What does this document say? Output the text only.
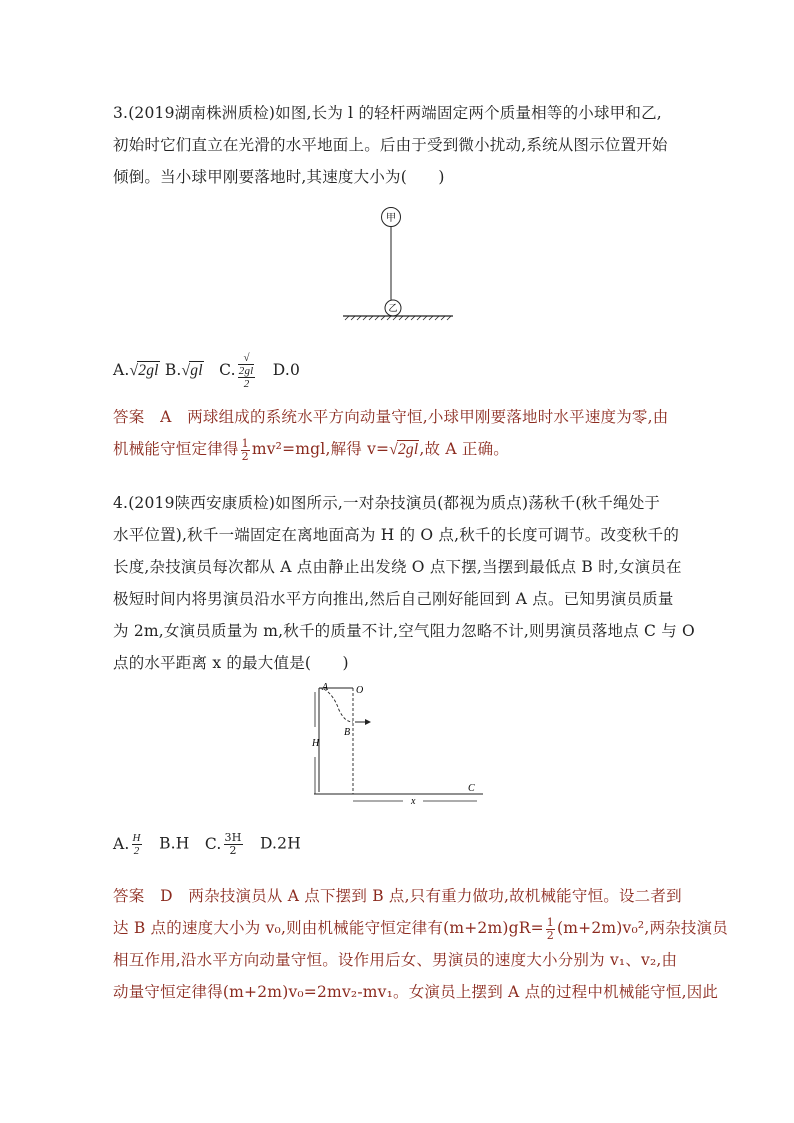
3.(2019湖南株洲质检)如图,长为 l 的轻杆两端固定两个质量相等的小球甲和乙,
初始时它们直立在光滑的水平地面上。后由于受到微小扰动,系统从图示位置开始
倾倒。当小球甲刚要落地时,其速度大小为(　　)
甲
乙
A.√2gl B.√gl C. √
2gl
2 D.0
答案　A　两球组成的系统水平方向动量守恒,小球甲刚要落地时水平速度为零,由
机械能守恒定律得 $\frac{1}{2} mv^2=mgl$,解得 v=√2gl,故 A 正确。
4.(2019陕西安康质检)如图所示,一对杂技演员(都视为质点)荡秋千(秋千绳处于
水平位置),秋千一端固定在离地面高为 H 的 O 点,秋千的长度可调节。改变秋千的
长度,杂技演员每次都从 A 点由静止出发绕 O 点下摆,当摆到最低点 B 时,女演员在
极短时间内将男演员沿水平方向推出,然后自己刚好能回到 A 点。已知男演员质量
为 2m,女演员质量为 m,秋千的质量不计,空气阻力忽略不计,则男演员落地点 C 与 O
点的水平距离 x 的最大值是(　　)
A	O
B
H
C
x
A. $\frac{H}{2} B.H$ C. $\frac{3H}{2} D.2H$
答案　D　两杂技演员从 A 点下摆到 B 点,只有重力做功,故机械能守恒。设二者到
达 B 点的速度大小为 v₀,则由机械能守恒定律有$(m+2m)gR= \frac{1}{2} (m+2m)v_0^2$,两杂技演员
相互作用,沿水平方向动量守恒。设作用后女、男演员的速度大小分别为 v₁、v₂,由
动量守恒定律得(m+2m)v₀=2mv₂-mv₁。女演员上摆到 A 点的过程中机械能守恒,因此
